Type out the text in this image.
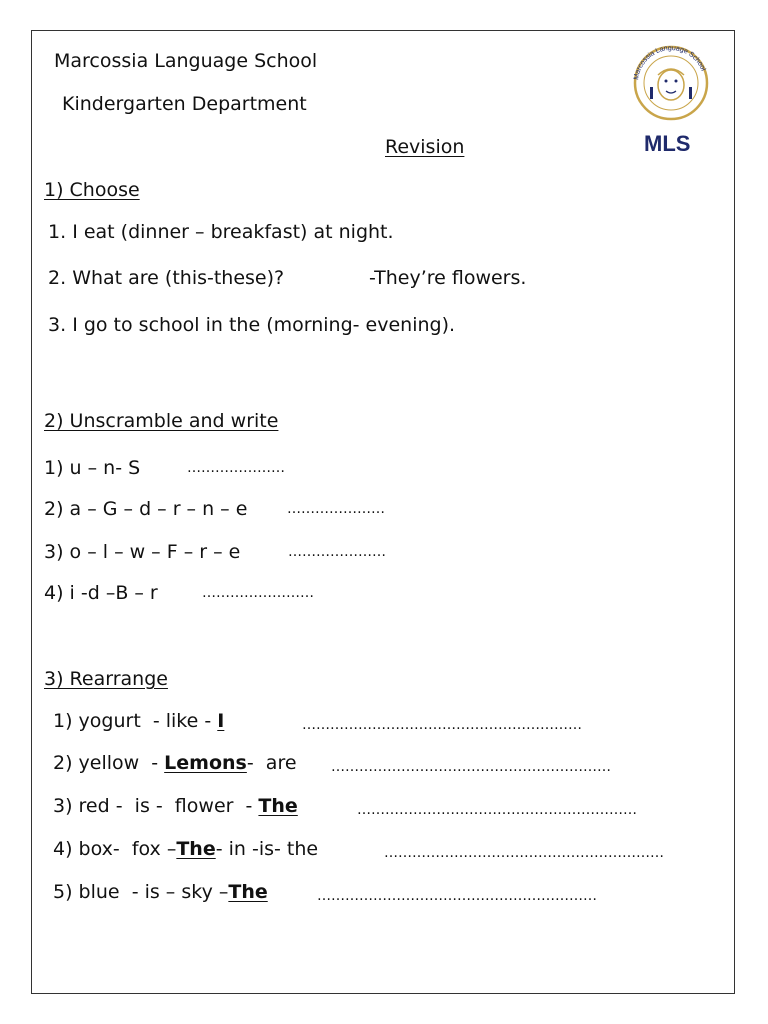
Marcossia Language School
Kindergarten Department
Revision
Marcossia Language School
MLS
1) Choose
1. I eat (dinner – breakfast) at night.
2. What are (this-these)?	-They’re flowers.
3. I go to school in the (morning- evening).
2) Unscramble and write
1) u – n- S	…………………
2) a – G – d – r – n – e	…………………
3) o – l – w – F – r – e	…………………
4) i -d –B – r	……………………
3) Rearrange
1) yogurt  - like - I	……………………………………………………
2) yellow  - Lemons-  are ……………………………………………………
3) red -  is -  flower  - The	……………………………………………………
4) box-  fox –The- in -is- the	……………………………………………………
5) blue  - is – sky –The	……………………………………………………
